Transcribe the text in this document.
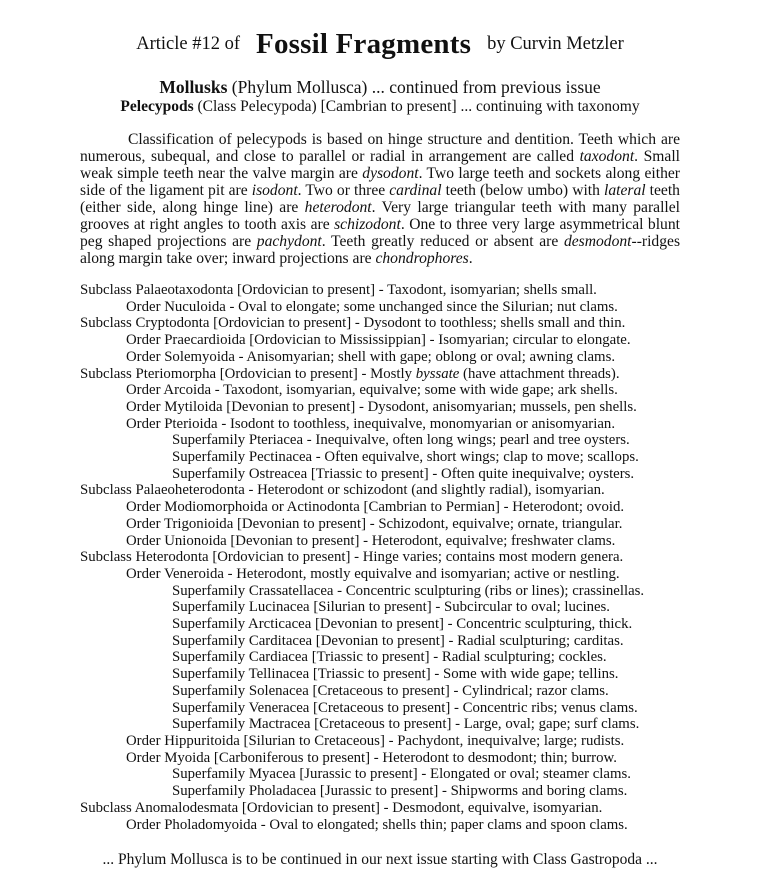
Article #12 of Fossil Fragments by Curvin Metzler
Mollusks (Phylum Mollusca) ... continued from previous issue
Pelecypods (Class Pelecypoda) [Cambrian to present] ... continuing with taxonomy

Classification of pelecypods is based on hinge structure and dentition. Teeth which are numerous, subequal, and close to parallel or radial in arrangement are called taxodont. Small weak simple teeth near the valve margin are dysodont. Two large teeth and sockets along either side of the ligament pit are isodont. Two or three cardinal teeth (below umbo) with lateral teeth (either side, along hinge line) are heterodont. Very large triangular teeth with many parallel grooves at right angles to tooth axis are schizodont. One to three very large asymmetrical blunt peg shaped projections are pachydont. Teeth greatly reduced or absent are desmodont--ridges along margin take over; inward projections are chondrophores.

Subclass Palaeotaxodonta [Ordovician to present] - Taxodont, isomyarian; shells small.
Order Nuculoida - Oval to elongate; some unchanged since the Silurian; nut clams.
Subclass Cryptodonta [Ordovician to present] - Dysodont to toothless; shells small and thin.
Order Praecardioida [Ordovician to Mississippian] - Isomyarian; circular to elongate.
Order Solemyoida - Anisomyarian; shell with gape; oblong or oval; awning clams.
Subclass Pteriomorpha [Ordovician to present] - Mostly byssate (have attachment threads).
Order Arcoida - Taxodont, isomyarian, equivalve; some with wide gape; ark shells.
Order Mytiloida [Devonian to present] - Dysodont, anisomyarian; mussels, pen shells.
Order Pterioida - Isodont to toothless, inequivalve, monomyarian or anisomyarian.
Superfamily Pteriacea - Inequivalve, often long wings; pearl and tree oysters.
Superfamily Pectinacea - Often equivalve, short wings; clap to move; scallops.
Superfamily Ostreacea [Triassic to present] - Often quite inequivalve; oysters.
Subclass Palaeoheterodonta - Heterodont or schizodont (and slightly radial), isomyarian.
Order Modiomorphoida or Actinodonta [Cambrian to Permian] - Heterodont; ovoid.
Order Trigonioida [Devonian to present] - Schizodont, equivalve; ornate, triangular.
Order Unionoida [Devonian to present] - Heterodont, equivalve; freshwater clams.
Subclass Heterodonta [Ordovician to present] - Hinge varies; contains most modern genera.
Order Veneroida - Heterodont, mostly equivalve and isomyarian; active or nestling.
Superfamily Crassatellacea - Concentric sculpturing (ribs or lines); crassinellas.
Superfamily Lucinacea [Silurian to present] - Subcircular to oval; lucines.
Superfamily Arcticacea [Devonian to present] - Concentric sculpturing, thick.
Superfamily Carditacea [Devonian to present] - Radial sculpturing; carditas.
Superfamily Cardiacea [Triassic to present] - Radial sculpturing; cockles.
Superfamily Tellinacea [Triassic to present] - Some with wide gape; tellins.
Superfamily Solenacea [Cretaceous to present] - Cylindrical; razor clams.
Superfamily Veneracea [Cretaceous to present] - Concentric ribs; venus clams.
Superfamily Mactracea [Cretaceous to present] - Large, oval; gape; surf clams.
Order Hippuritoida [Silurian to Cretaceous] - Pachydont, inequivalve; large; rudists.
Order Myoida [Carboniferous to present] - Heterodont to desmodont; thin; burrow.
Superfamily Myacea [Jurassic to present] - Elongated or oval; steamer clams.
Superfamily Pholadacea [Jurassic to present] - Shipworms and boring clams.
Subclass Anomalodesmata [Ordovician to present] - Desmodont, equivalve, isomyarian.
Order Pholadomyoida - Oval to elongated; shells thin; paper clams and spoon clams.
... Phylum Mollusca is to be continued in our next issue starting with Class Gastropoda ...
